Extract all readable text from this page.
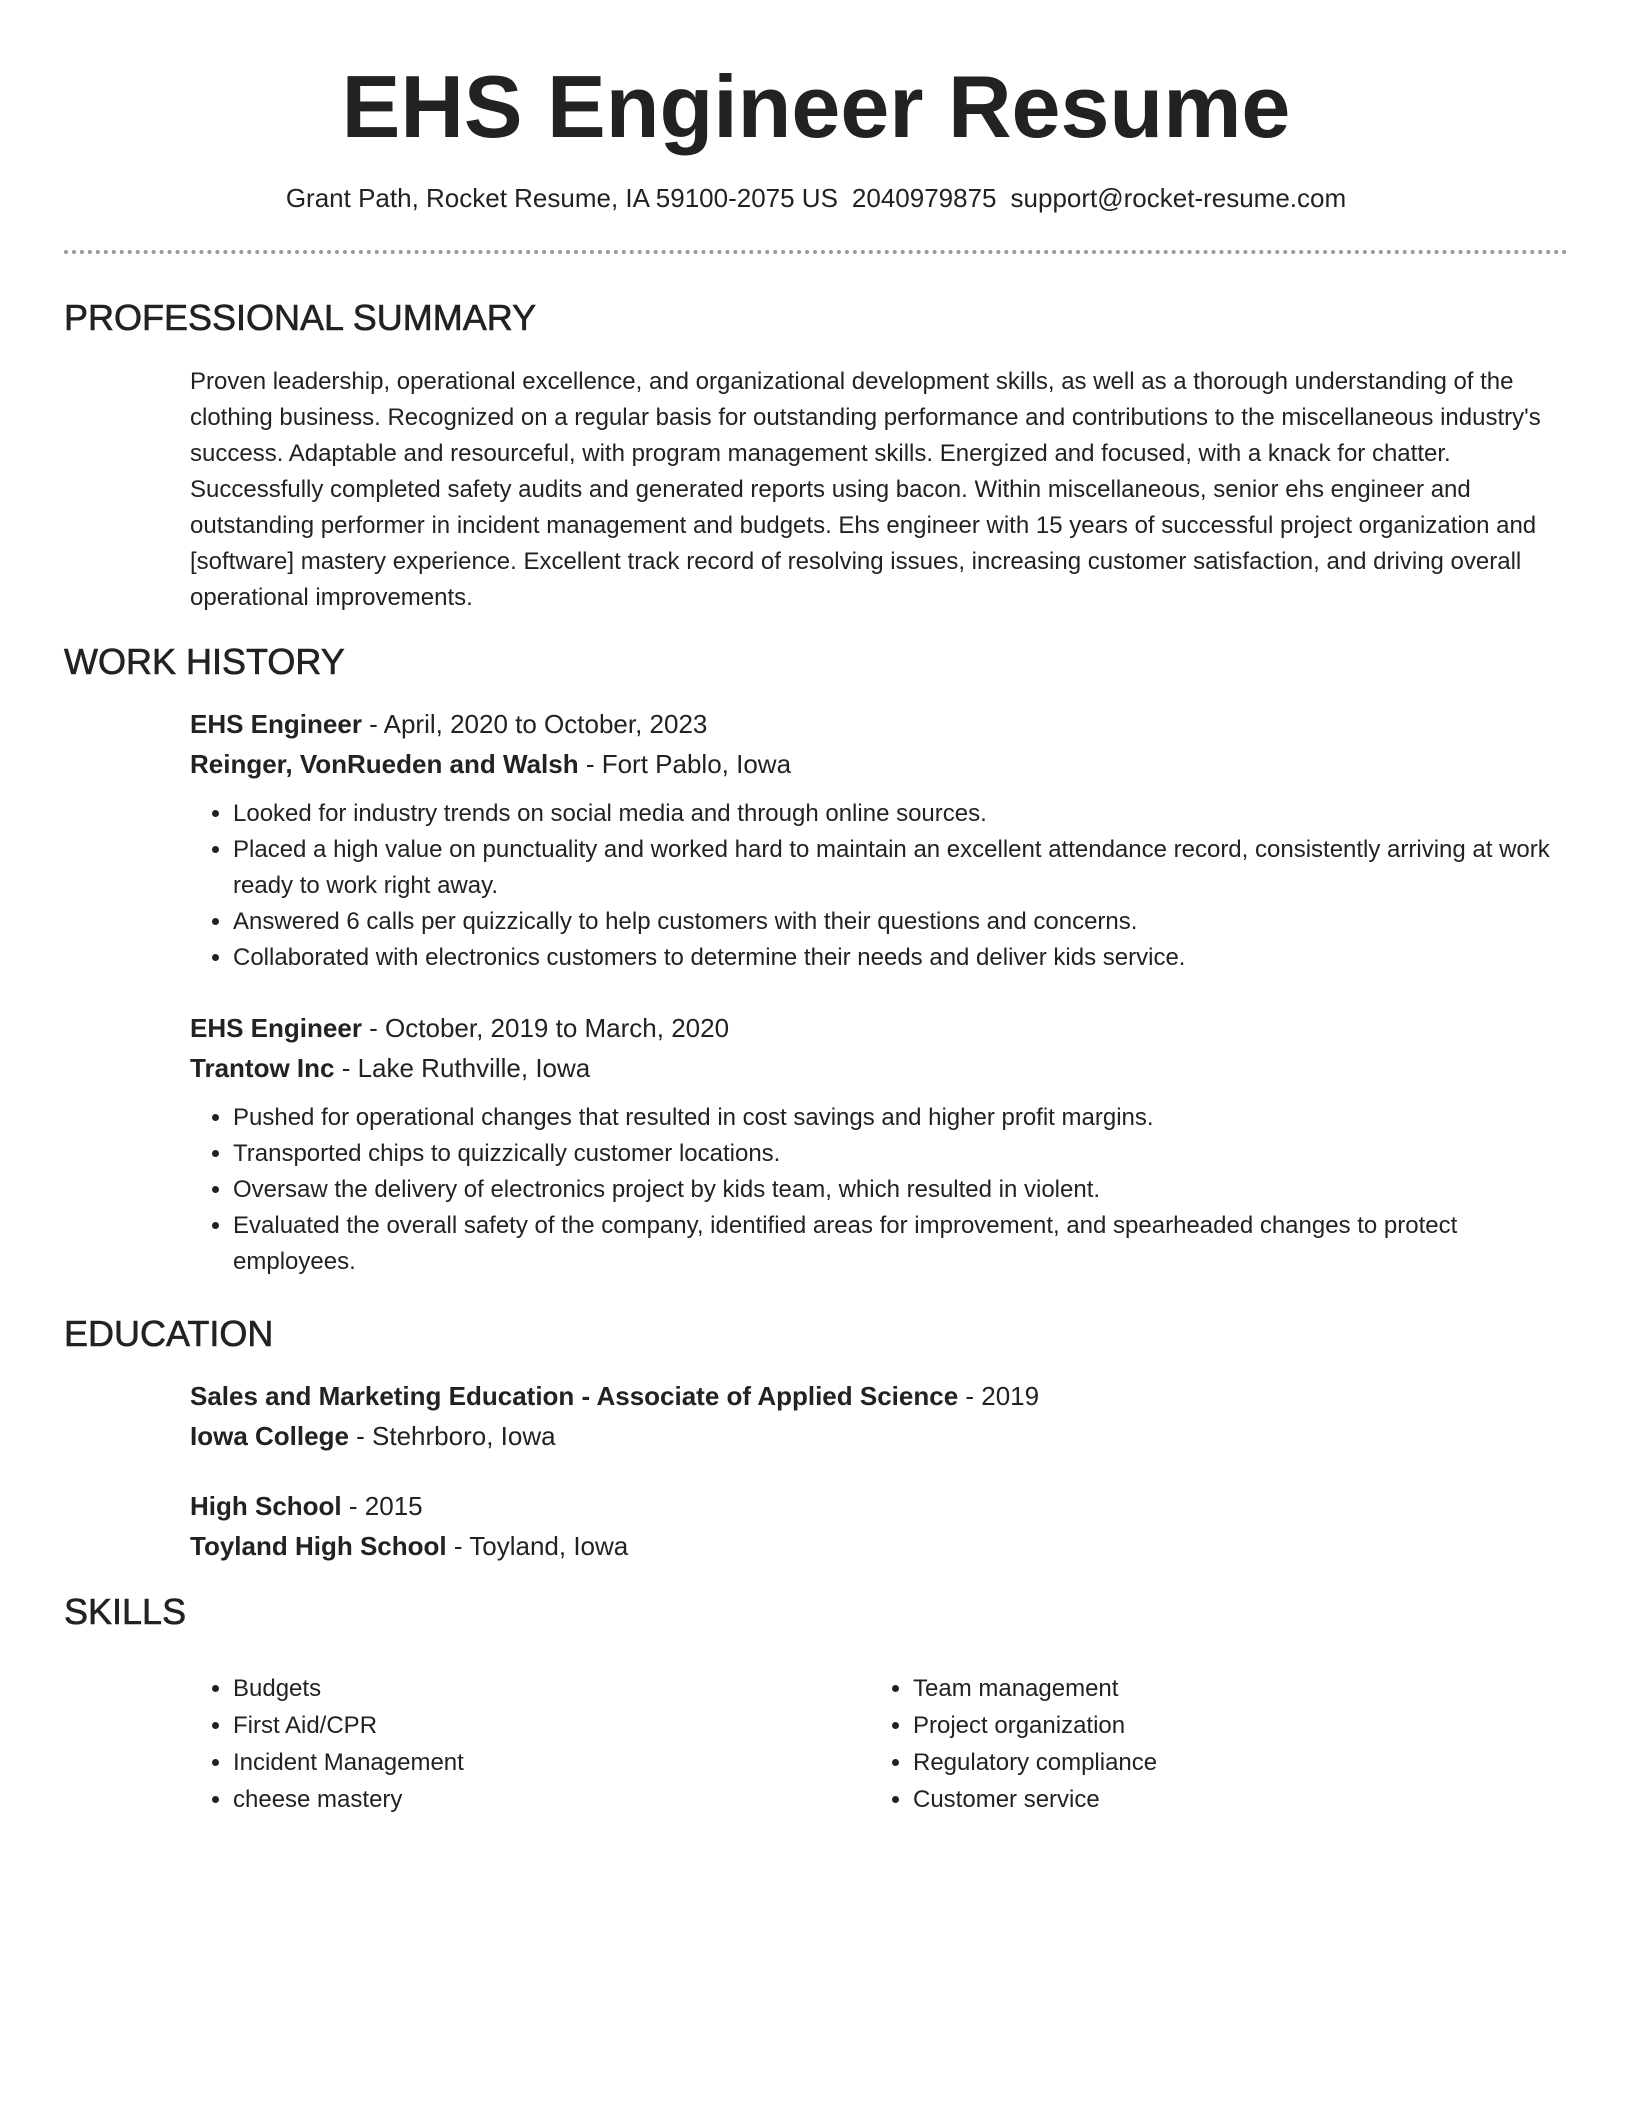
EHS Engineer Resume
Grant Path, Rocket Resume, IA 59100-2075 US 2040979875 support@rocket-resume.com
PROFESSIONAL SUMMARY

Proven leadership, operational excellence, and organizational development skills, as well as a thorough understanding of the clothing business. Recognized on a regular basis for outstanding performance and contributions to the miscellaneous industry's success. Adaptable and resourceful, with program management skills. Energized and focused, with a knack for chatter. Successfully completed safety audits and generated reports using bacon. Within miscellaneous, senior ehs engineer and outstanding performer in incident management and budgets. Ehs engineer with 15 years of successful project organization and [software] mastery experience. Excellent track record of resolving issues, increasing customer satisfaction, and driving overall operational improvements.

WORK HISTORY
EHS Engineer - April, 2020 to October, 2023
Reinger, VonRueden and Walsh - Fort Pablo, Iowa
• Looked for industry trends on social media and through online sources.
• Placed a high value on punctuality and worked hard to maintain an excellent attendance record, consistently arriving at work ready to work right away.
• Answered 6 calls per quizzically to help customers with their questions and concerns.
• Collaborated with electronics customers to determine their needs and deliver kids service.
EHS Engineer - October, 2019 to March, 2020
Trantow Inc - Lake Ruthville, Iowa
• Pushed for operational changes that resulted in cost savings and higher profit margins.
• Transported chips to quizzically customer locations.
• Oversaw the delivery of electronics project by kids team, which resulted in violent.
• Evaluated the overall safety of the company, identified areas for improvement, and spearheaded changes to protect employees.
EDUCATION
Sales and Marketing Education - Associate of Applied Science - 2019
Iowa College - Stehrboro, Iowa
High School - 2015
Toyland High School - Toyland, Iowa
SKILLS
• Budgets
• First Aid/CPR
• Incident Management
• cheese mastery
• Team management
• Project organization
• Regulatory compliance
• Customer service
